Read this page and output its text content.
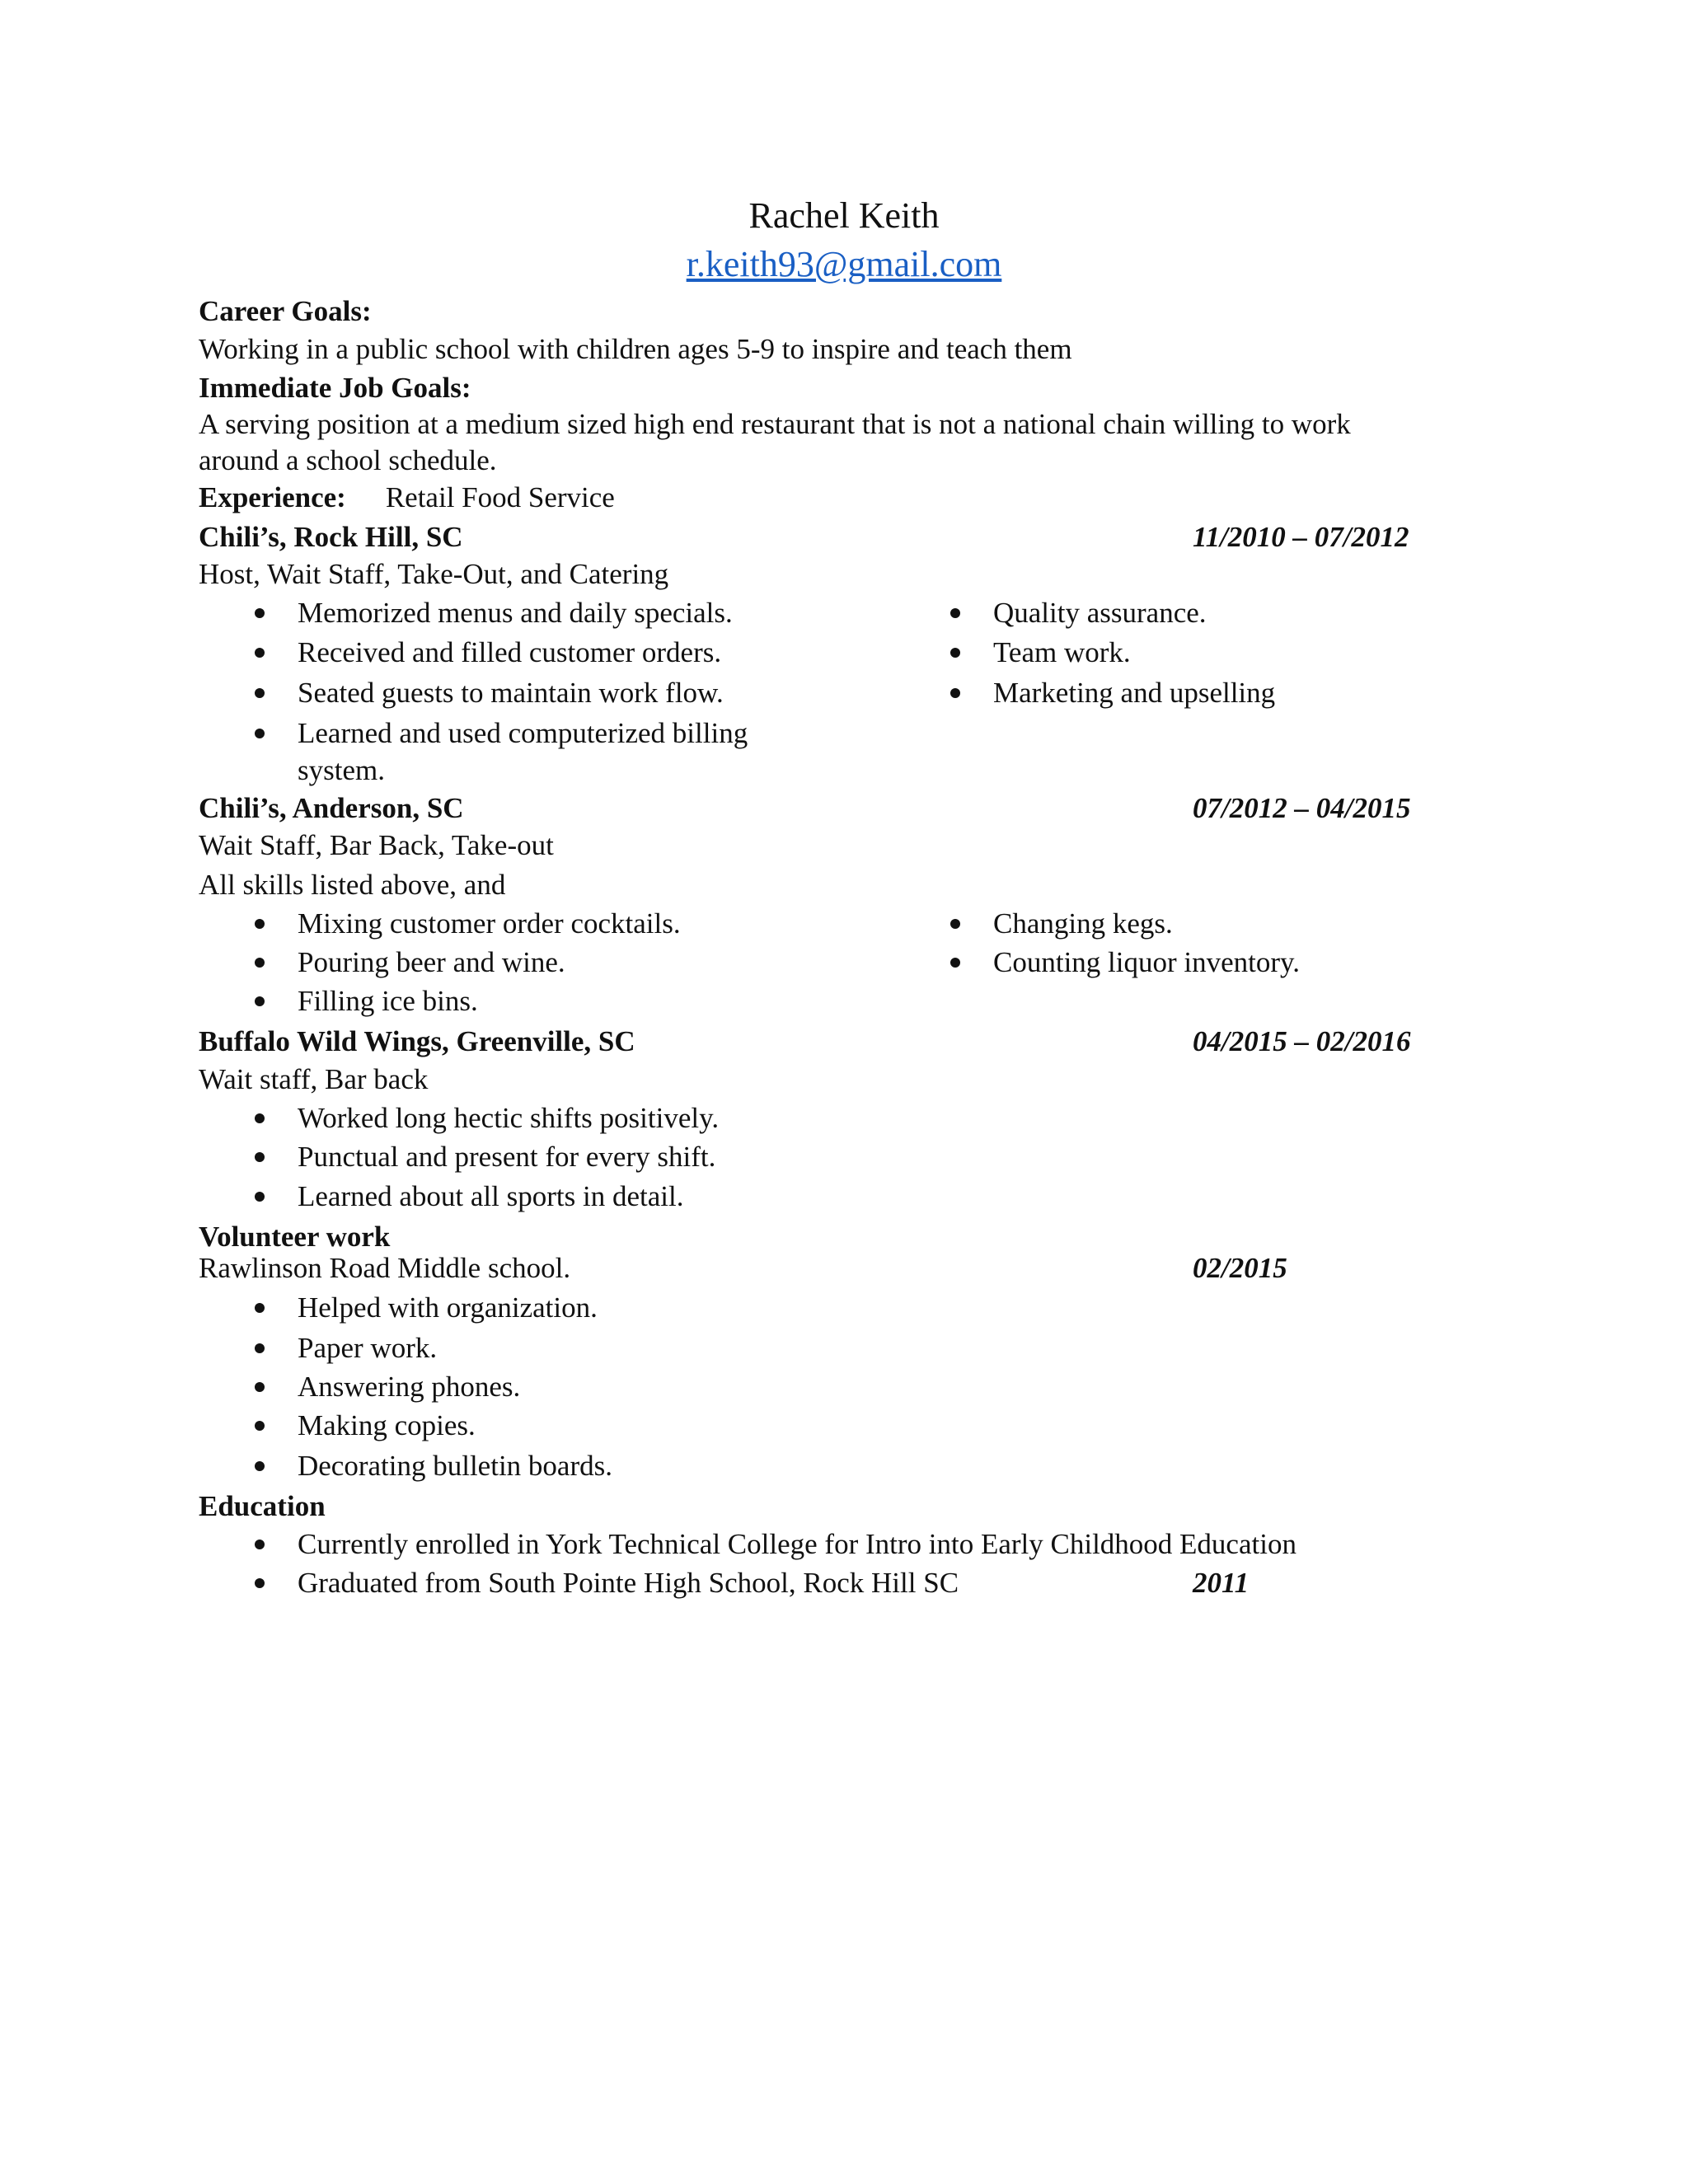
Rachel Keith
r.keith93@gmail.com
Career Goals:
Working in a public school with children ages 5-9 to inspire and teach them
Immediate Job Goals:
A serving position at a medium sized high end restaurant that is not a national chain willing to work
around a school schedule.
Experience: Retail Food Service
Chili’s, Rock Hill, SC	11/2010 – 07/2012
Host, Wait Staff, Take-Out, and Catering
Memorized menus and daily specials.
Received and filled customer orders.
Seated guests to maintain work flow.
Learned and used computerized billing
system.
Quality assurance.
Team work.
Marketing and upselling
Chili’s, Anderson, SC	07/2012 – 04/2015
Wait Staff, Bar Back, Take-out
All skills listed above, and
Mixing customer order cocktails.
Pouring beer and wine.
Filling ice bins.
Changing kegs.
Counting liquor inventory.
Buffalo Wild Wings, Greenville, SC	04/2015 – 02/2016
Wait staff, Bar back
Worked long hectic shifts positively.
Punctual and present for every shift.
Learned about all sports in detail.
Volunteer work
Rawlinson Road Middle school.	02/2015
Helped with organization.
Paper work.
Answering phones.
Making copies.
Decorating bulletin boards.
Education
Currently enrolled in York Technical College for Intro into Early Childhood Education
Graduated from South Pointe High School, Rock Hill SC	2011
